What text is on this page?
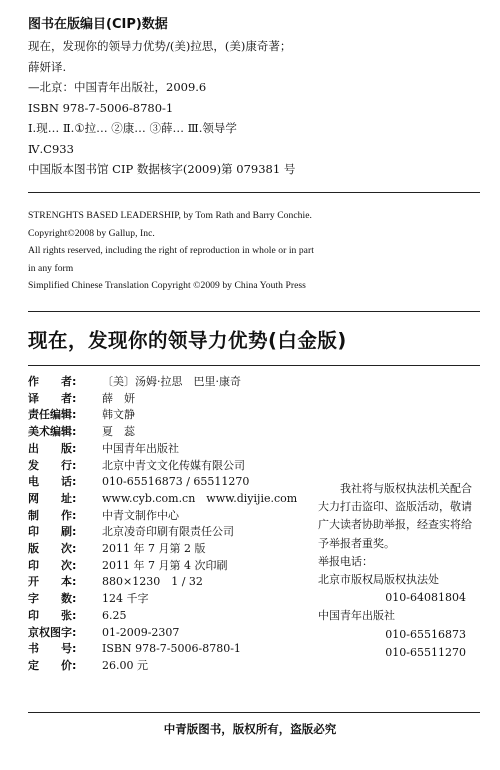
图书在版编目(CIP)数据
现在，发现你的领导力优势/(美)拉思，(美)康奇著；
薛妍译.
—北京：中国青年出版社，2009.6
ISBN 978-7-5006-8780-1
Ⅰ.现… Ⅱ.①拉… ②康… ③薛… Ⅲ.领导学
Ⅳ.C933
中国版本图书馆 CIP 数据核字(2009)第 079381 号
STRENGHTS BASED LEADERSHIP, by Tom Rath and Barry Conchie.
Copyright©2008 by Gallup, Inc.
All rights reserved, including the right of reproduction in whole or in part
in any form
Simplified Chinese Translation Copyright ©2009 by China Youth Press
现在，发现你的领导力优势(白金版)
作　　者:	〔美〕汤姆·拉思　巴里·康奇
译　　者:	薛　妍
责任编辑:	韩文静
美术编辑:	夏　蕊
出　　版:	中国青年出版社
发　　行:	北京中青文文化传媒有限公司
电　　话:	010-65516873 / 65511270
网　　址:	www.cyb.com.cn　www.diyijie.com
制　　作:	中青文制作中心
印　　刷:	北京凌奇印刷有限责任公司
版　　次:	2011 年 7 月第 2 版
印　　次:	2011 年 7 月第 4 次印刷
开　　本:	880×1230　1 / 32
字　　数:	124 千字
印　　张:	6.25
京权图字:	01-2009-2307
书　　号:	ISBN 978-7-5006-8780-1
定　　价:	26.00 元
我社将与版权执法机关配合大力打击盗印、盗版活动，敬请广大读者协助举报，经查实将给予举报者重奖。
举报电话：
北京市版权局版权执法处
010-64081804
中国青年出版社
010-65516873
010-65511270
中青版图书，版权所有，盗版必究
